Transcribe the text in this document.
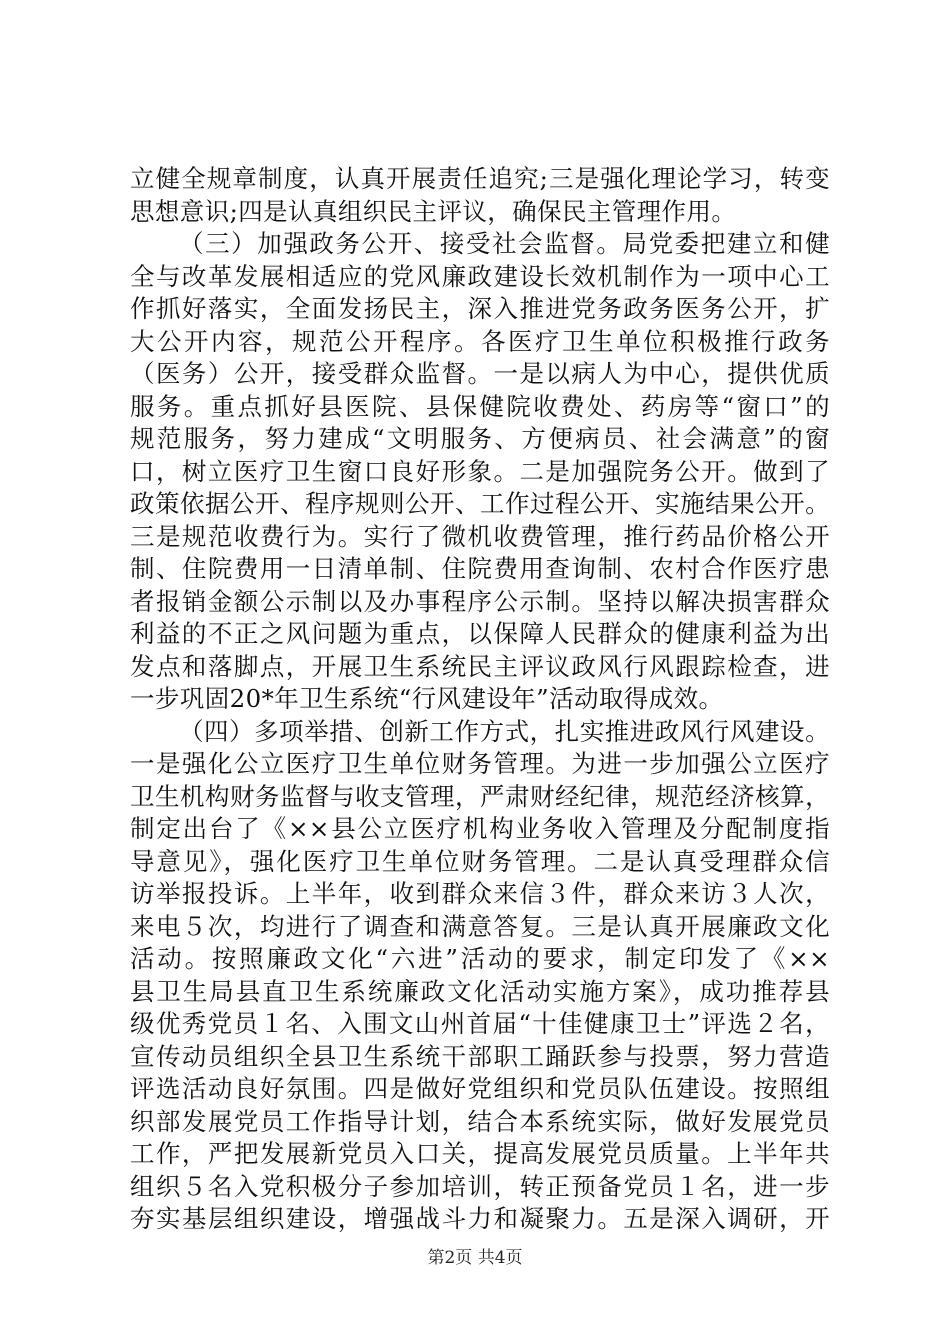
立健全规章制度，认真开展责任追究;三是强化理论学习，转变
思想意识;四是认真组织民主评议，确保民主管理作用。
（三）加强政务公开、接受社会监督。局党委把建立和健
全与改革发展相适应的党风廉政建设长效机制作为一项中心工
作抓好落实，全面发扬民主，深入推进党务政务医务公开，扩
大公开内容，规范公开程序。各医疗卫生单位积极推行政务
（医务）公开，接受群众监督。一是以病人为中心，提供优质
服务。重点抓好县医院、县保健院收费处、药房等“窗口”的
规范服务，努力建成“文明服务、方便病员、社会满意”的窗
口，树立医疗卫生窗口良好形象。二是加强院务公开。做到了
政策依据公开、程序规则公开、工作过程公开、实施结果公开。
三是规范收费行为。实行了微机收费管理，推行药品价格公开
制、住院费用一日清单制、住院费用查询制、农村合作医疗患
者报销金额公示制以及办事程序公示制。坚持以解决损害群众
利益的不正之风问题为重点，以保障人民群众的健康利益为出
发点和落脚点，开展卫生系统民主评议政风行风跟踪检查，进
一步巩固20*年卫生系统“行风建设年”活动取得成效。
（四）多项举措、创新工作方式，扎实推进政风行风建设。
一是强化公立医疗卫生单位财务管理。为进一步加强公立医疗
卫生机构财务监督与收支管理，严肃财经纪律，规范经济核算，
制定出台了《××县公立医疗机构业务收入管理及分配制度指
导意见》，强化医疗卫生单位财务管理。二是认真受理群众信
访举报投诉。上半年，收到群众来信３件，群众来访３人次，
来电５次，均进行了调查和满意答复。三是认真开展廉政文化
活动。按照廉政文化“六进”活动的要求，制定印发了《××
县卫生局县直卫生系统廉政文化活动实施方案》，成功推荐县
级优秀党员１名、入围文山州首届“十佳健康卫士”评选２名，
宣传动员组织全县卫生系统干部职工踊跃参与投票，努力营造
评选活动良好氛围。四是做好党组织和党员队伍建设。按照组
织部发展党员工作指导计划，结合本系统实际，做好发展党员
工作，严把发展新党员入口关，提高发展党员质量。上半年共
组织５名入党积极分子参加培训，转正预备党员１名，进一步
夯实基层组织建设，增强战斗力和凝聚力。五是深入调研，开
第2页 共4页
